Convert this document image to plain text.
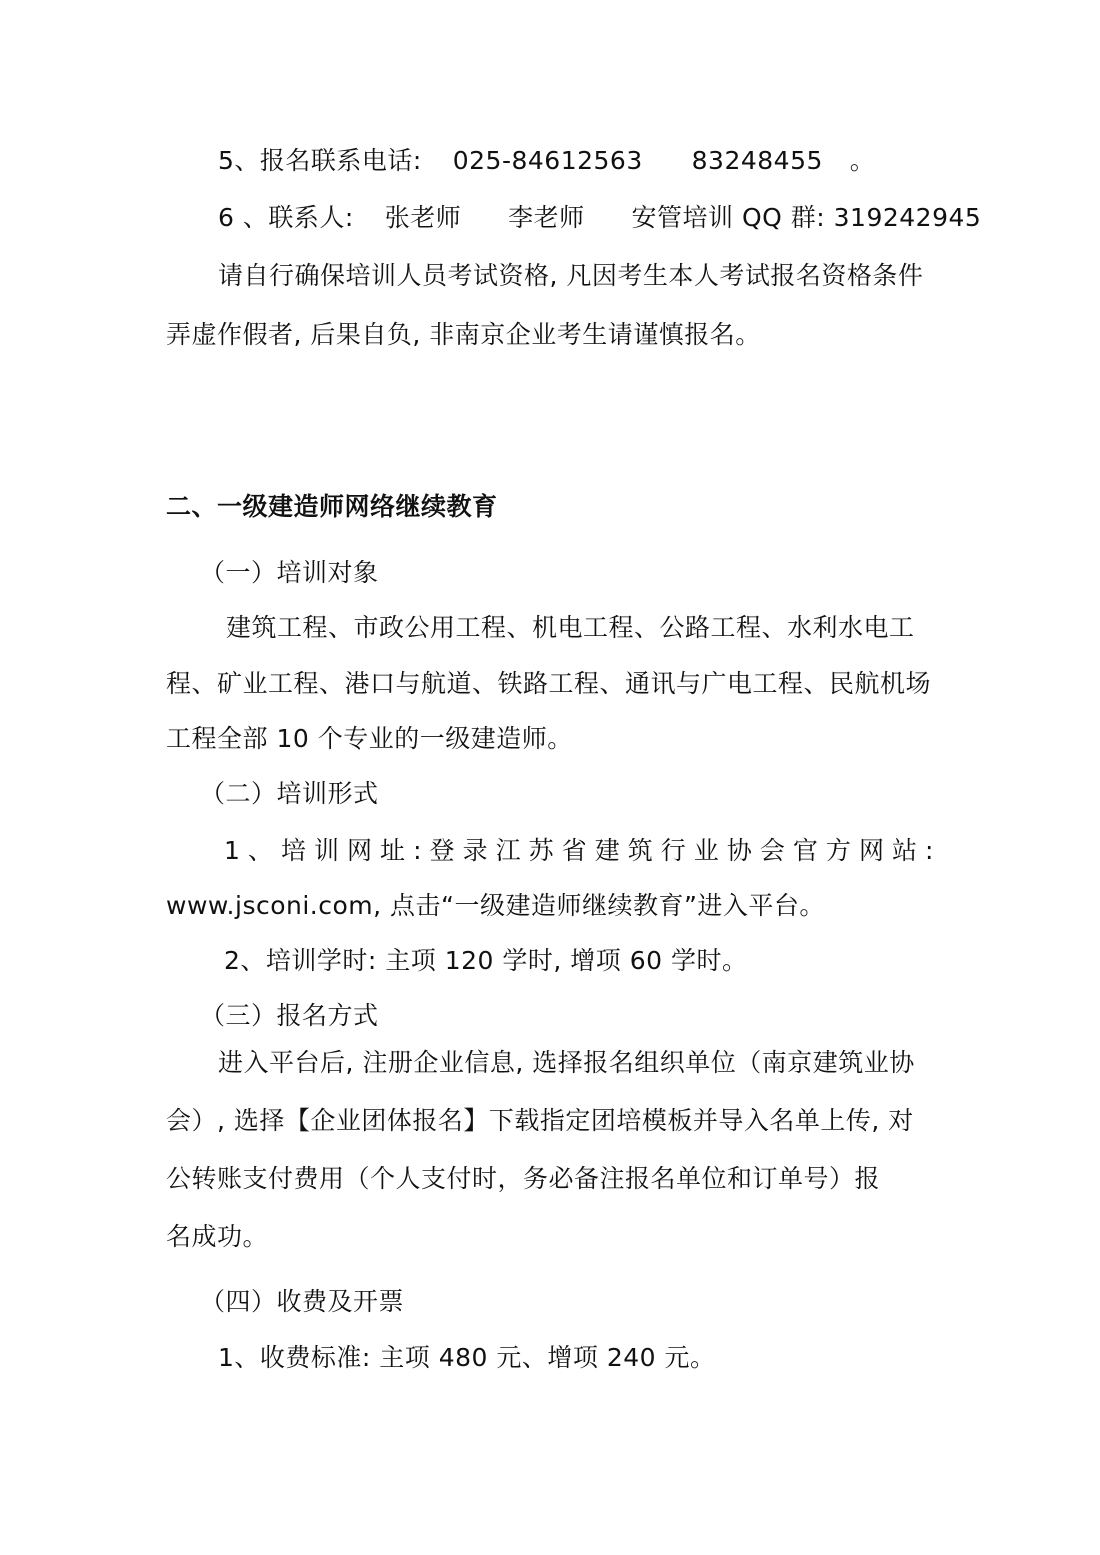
5、报名联系电话: 025-84612563 83248455 。
6 、联系人: 张老师 李老师 安管培训 QQ 群: 319242945
请自行确保培训人员考试资格, 凡因考生本人考试报名资格条件
弄虚作假者, 后果自负, 非南京企业考生请谨慎报名。
二、一级建造师网络继续教育
（一）培训对象
建筑工程、市政公用工程、机电工程、公路工程、水利水电工
程、矿业工程、港口与航道、铁路工程、通讯与广电工程、民航机场
工程全部 10 个专业的一级建造师。
（二）培训形式
1 、 培 训 网 址 : 登 录 江 苏 省 建 筑 行 业 协 会 官 方 网 站 :
www.jsconi.com, 点击“一级建造师继续教育”进入平台。
2、培训学时: 主项 120 学时, 增项 60 学时。
（三）报名方式
进入平台后, 注册企业信息, 选择报名组织单位（南京建筑业协
会）, 选择【企业团体报名】下载指定团培模板并导入名单上传, 对
公转账支付费用（个人支付时，务必备注报名单位和订单号）报
名成功。
（四）收费及开票
1、收费标准: 主项 480 元、增项 240 元。
